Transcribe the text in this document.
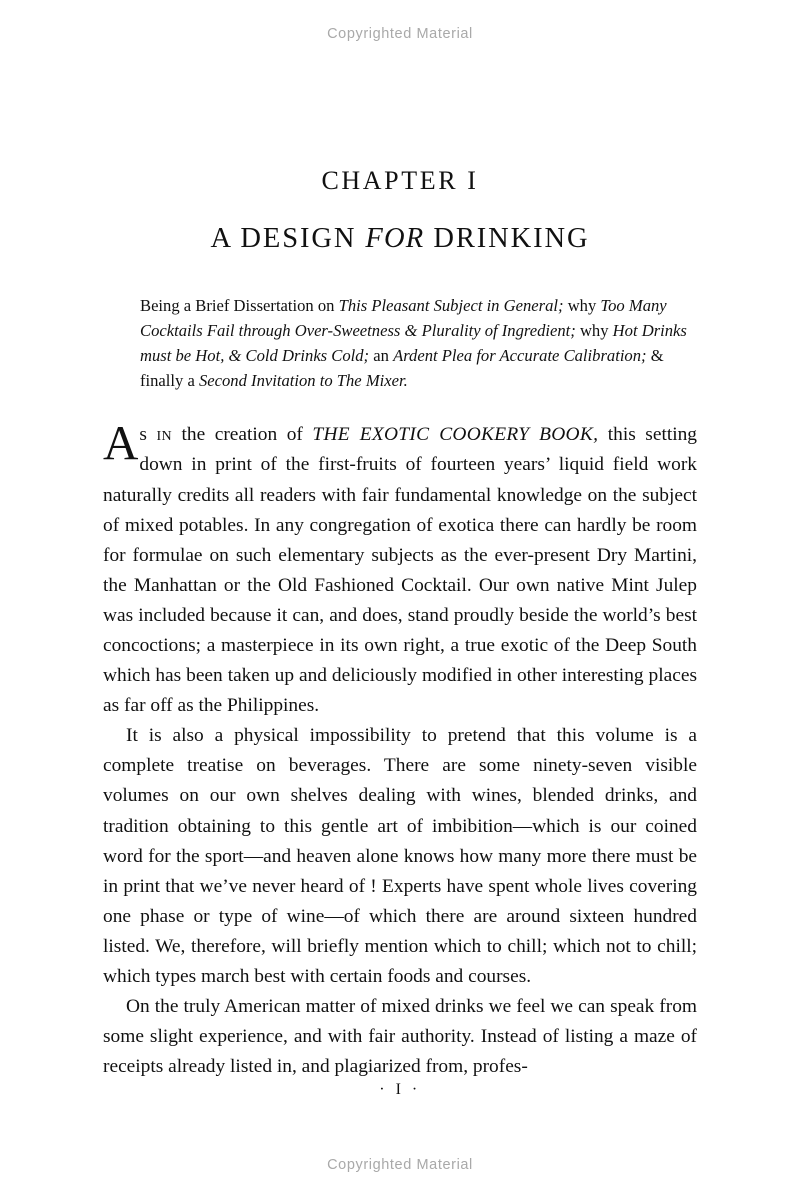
Copyrighted Material
CHAPTER I
A DESIGN FOR DRINKING

Being a Brief Dissertation on This Pleasant Subject in General; why Too Many Cocktails Fail through Over-Sweetness & Plurality of Ingredient; why Hot Drinks must be Hot, & Cold Drinks Cold; an Ardent Plea for Accurate Calibration; & finally a Second Invitation to The Mixer.

As in the creation of THE EXOTIC COOKERY BOOK, this setting down in print of the first-fruits of fourteen years’ liquid field work naturally credits all readers with fair fundamental knowledge on the subject of mixed potables. In any congregation of exotica there can hardly be room for formulae on such elementary subjects as the ever-present Dry Martini, the Manhattan or the Old Fashioned Cocktail. Our own native Mint Julep was included because it can, and does, stand proudly beside the world’s best concoctions; a masterpiece in its own right, a true exotic of the Deep South which has been taken up and deliciously modified in other interesting places as far off as the Philippines.

It is also a physical impossibility to pretend that this volume is a complete treatise on beverages. There are some ninety-seven visible volumes on our own shelves dealing with wines, blended drinks, and tradition obtaining to this gentle art of imbibition—which is our coined word for the sport—and heaven alone knows how many more there must be in print that we’ve never heard of ! Experts have spent whole lives covering one phase or type of wine—of which there are around sixteen hundred listed. We, therefore, will briefly mention which to chill; which not to chill; which types march best with certain foods and courses.

On the truly American matter of mixed drinks we feel we can speak from some slight experience, and with fair authority. Instead of listing a maze of receipts already listed in, and plagiarized from, profes-

· I ·
Copyrighted Material
